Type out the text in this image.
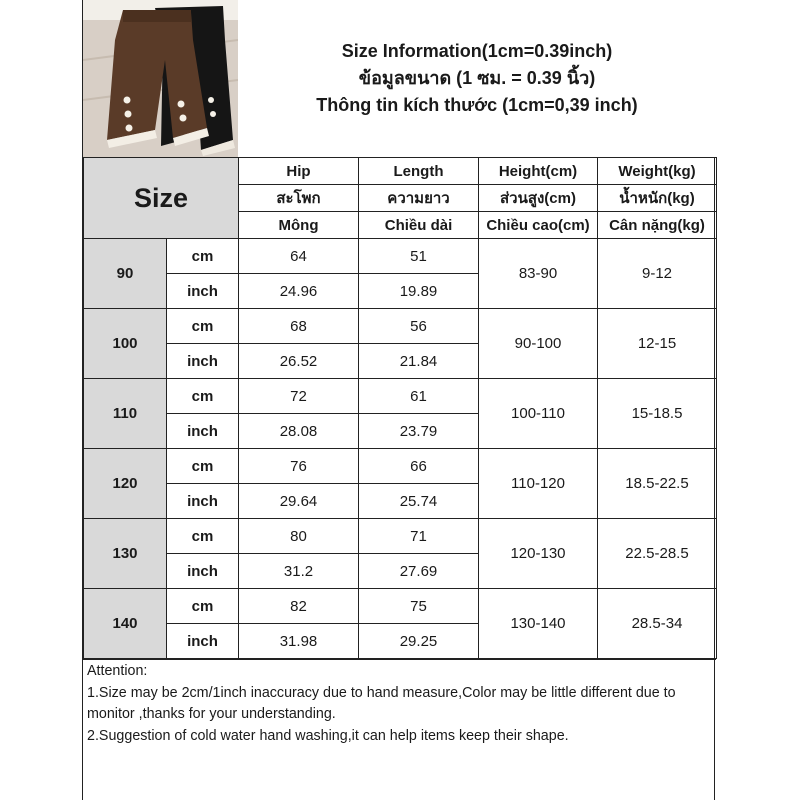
Size Information(1cm=0.39inch)
ข้อมูลขนาด (1 ซม. = 0.39 นิ้ว)
Thông tin kích thước (1cm=0,39 inch)
Size		Hip	Length	Height(cm)	Weight(kg)
		สะโพก	ความยาว	ส่วนสูง(cm)	น้ำหนัก(kg)
		Mông	Chiều dài	Chiều cao(cm)	Cân nặng(kg)
90	cm	64	51	83-90	9-12
	inch	24.96	19.89		
100	cm	68	56	90-100	12-15
	inch	26.52	21.84		
110	cm	72	61	100-110	15-18.5
	inch	28.08	23.79		
120	cm	76	66	110-120	18.5-22.5
	inch	29.64	25.74		
130	cm	80	71	120-130	22.5-28.5
	inch	31.2	27.69		
140	cm	82	75	130-140	28.5-34
	inch	31.98	29.25		
Attention:
1.Size may be 2cm/1inch inaccuracy due to hand measure,Color may be little different due to monitor ,thanks for your understanding.
2.Suggestion of cold water hand washing,it can help items keep their shape.
